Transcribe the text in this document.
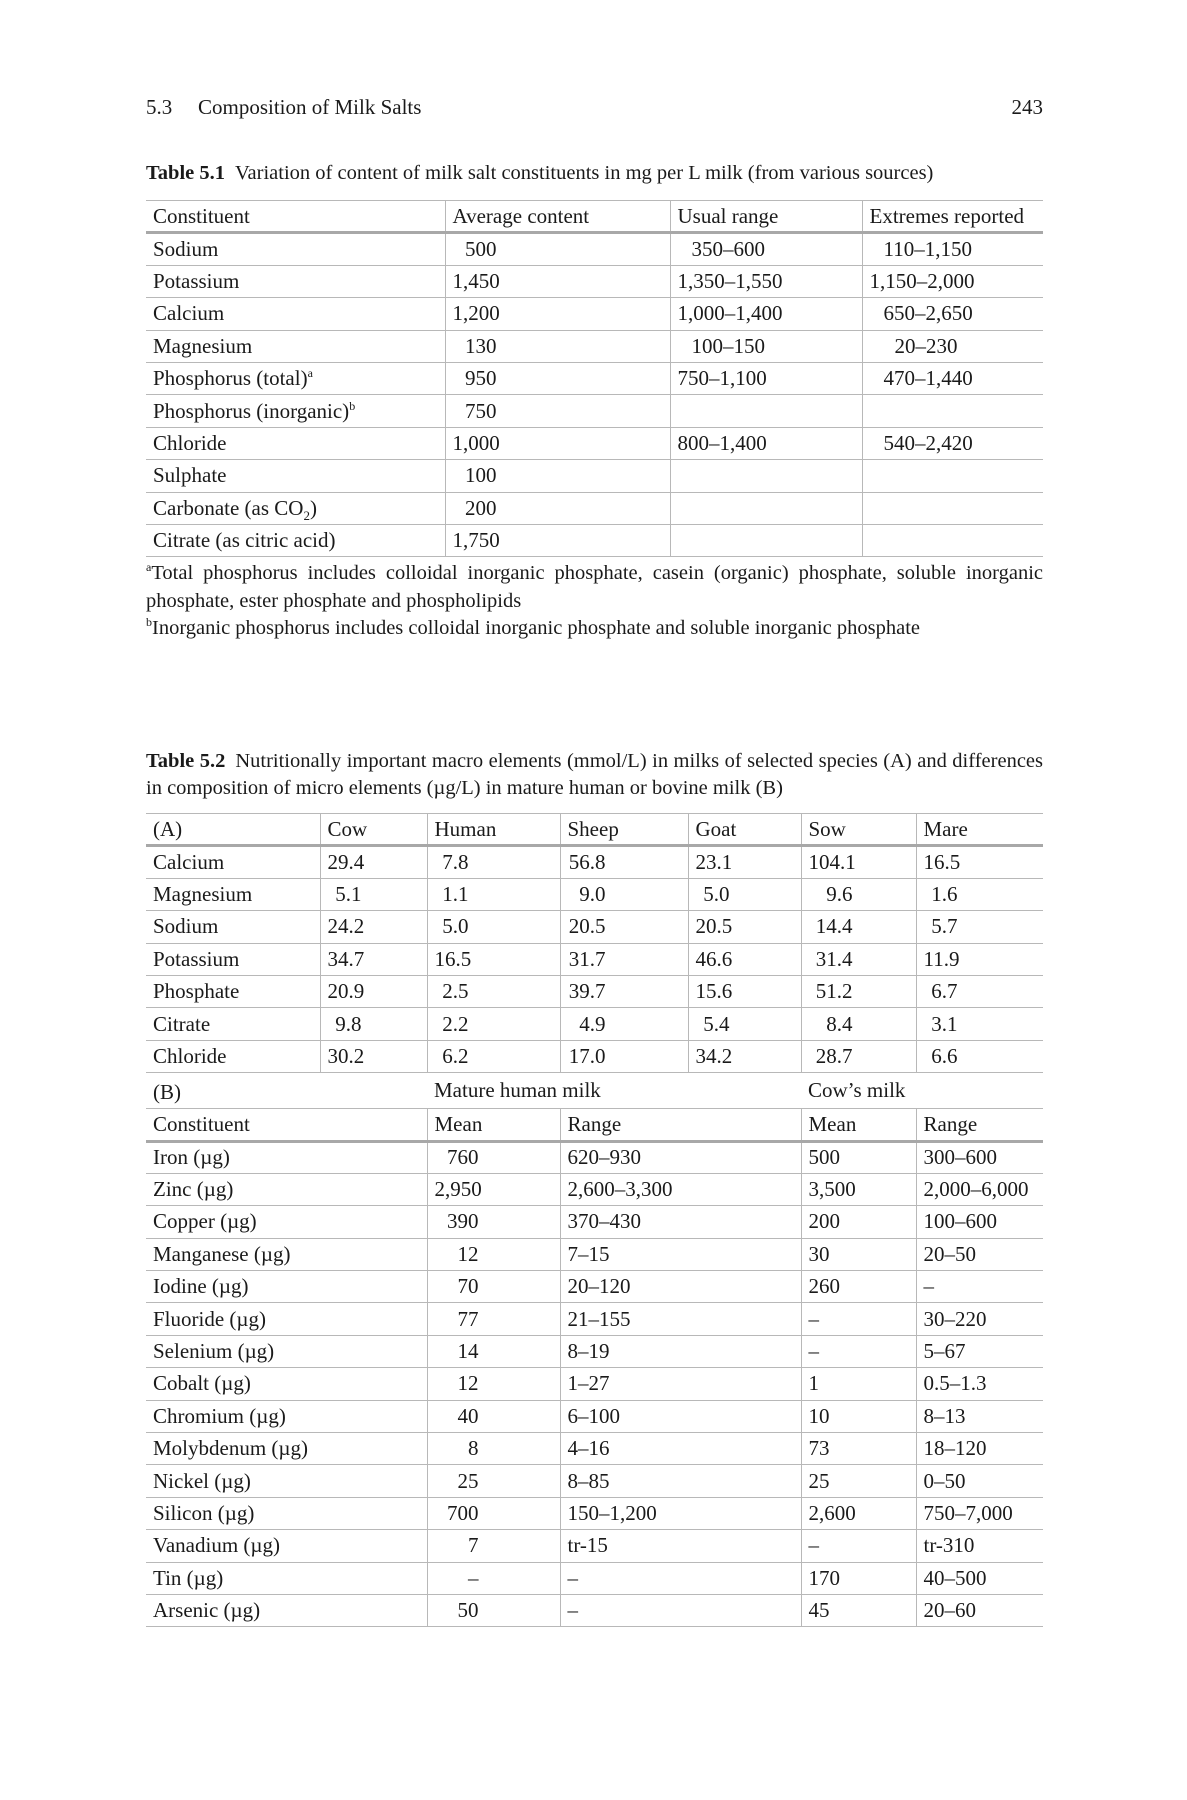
5.3 Composition of Milk Salts	243
Table 5.1 Variation of content of milk salt constituents in mg per L milk (from various sources)
Constituent	Average content	Usual range	Extremes reported
Sodium	500	350–600	110–1,150
Potassium	1,450	1,350–1,550	1,150–2,000
Calcium	1,200	1,000–1,400	650–2,650
Magnesium	130	100–150	20–230
Phosphorus (total)$^a$	950	750–1,100	470–1,440
Phosphorus (inorganic)$^b$	750		
Chloride	1,000	800–1,400	540–2,420
Sulphate	100		
Carbonate (as $CO_2$)	200		
Citrate (as citric acid)	1,750		

$^a$Total phosphorus includes colloidal inorganic phosphate, casein (organic) phosphate, soluble inorganic phosphate, ester phosphate and phospholipids

$^b$Inorganic phosphorus includes colloidal inorganic phosphate and soluble inorganic phosphate

Table 5.2 Nutritionally important macro elements (mmol/L) in milks of selected species (A) and differences in composition of micro elements (µg/L) in mature human or bovine milk (B)
(A)	Cow	Human	Sheep	Goat	Sow	Mare
Calcium	29.4	7.8	56.8	23.1	104.1	16.5
Magnesium	5.1	1.1	9.0	5.0	9.6	1.6
Sodium	24.2	5.0	20.5	20.5	14.4	5.7
Potassium	34.7	16.5	31.7	46.6	31.4	11.9
Phosphate	20.9	2.5	39.7	15.6	51.2	6.7
Citrate	9.8	2.2	4.9	5.4	8.4	3.1
Chloride	30.2	6.2	17.0	34.2	28.7	6.6
(B)		Mature human milk			Cow’s milk	
Constituent		Mean	Range		Mean	Range
Iron (µg)		760	620–930		500	300–600
Zinc (µg)		2,950	2,600–3,300		3,500	2,000–6,000
Copper (µg)		390	370–430		200	100–600
Manganese (µg)		12	7–15		30	20–50
Iodine (µg)		70	20–120		260	–
Fluoride (µg)		77	21–155		–	30–220
Selenium (µg)		14	8–19		–	5–67
Cobalt (µg)		12	1–27		1	0.5–1.3
Chromium (µg)		40	6–100		10	8–13
Molybdenum (µg)		8	4–16		73	18–120
Nickel (µg)		25	8–85		25	0–50
Silicon (µg)		700	150–1,200		2,600	750–7,000
Vanadium (µg)		7	tr-15		–	tr-310
Tin (µg)		–	–		170	40–500
Arsenic (µg)		50	–		45	20–60
